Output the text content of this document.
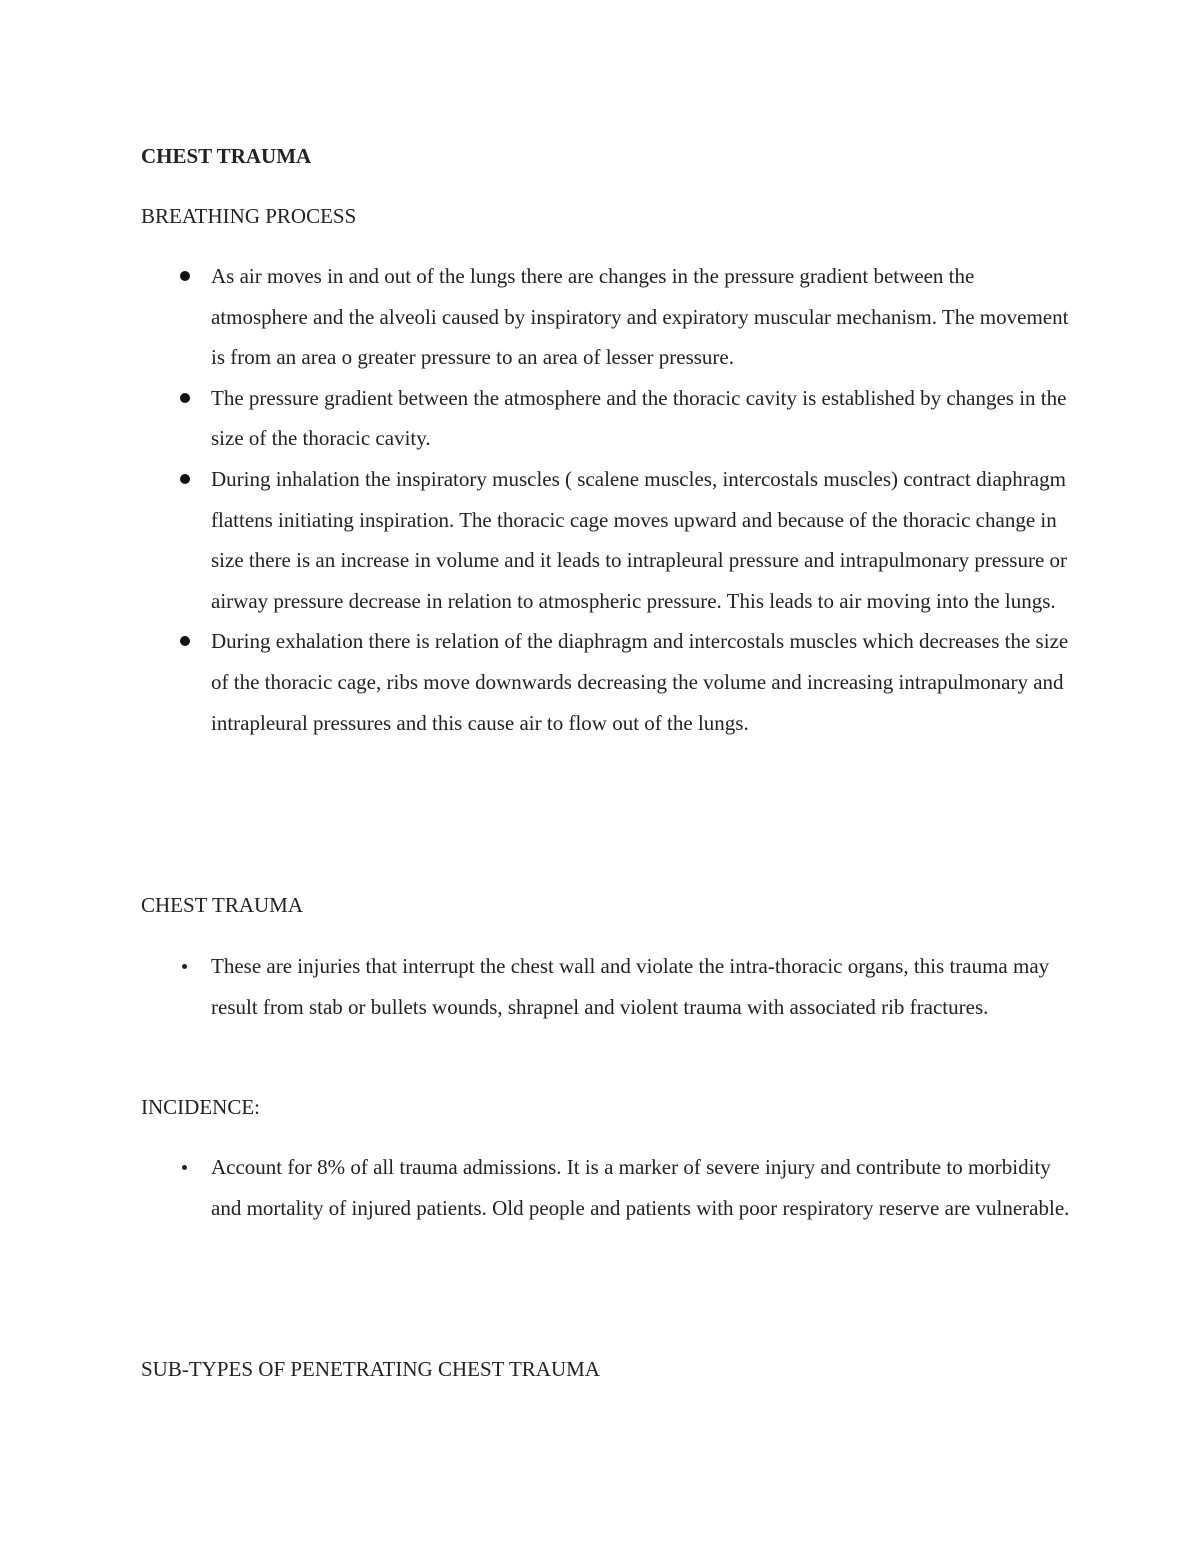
CHEST TRAUMA

BREATHING PROCESS

As air moves in and out of the lungs there are changes in the pressure gradient between the atmosphere and the alveoli caused by inspiratory and expiratory muscular mechanism. The movement is from an area o greater pressure to an area of lesser pressure.
The pressure gradient between the atmosphere and the thoracic cavity is established by changes in the size of the thoracic cavity.
During inhalation the inspiratory muscles ( scalene muscles, intercostals muscles) contract diaphragm flattens initiating inspiration. The thoracic cage moves upward and because of the thoracic change in size there is an increase in volume and it leads to intrapleural pressure and intrapulmonary pressure or airway pressure decrease in relation to atmospheric pressure. This leads to air moving into the lungs.
During exhalation there is relation of the diaphragm and intercostals muscles which decreases the size of the thoracic cage, ribs move downwards decreasing the volume and increasing intrapulmonary and intrapleural pressures and this cause air to flow out of the lungs.

CHEST TRAUMA

These are injuries that interrupt the chest wall and violate the intra-thoracic organs, this trauma may result from stab or bullets wounds, shrapnel and violent trauma with associated rib fractures.

INCIDENCE:

Account for 8% of all trauma admissions. It is a marker of severe injury and contribute to morbidity and mortality of injured patients. Old people and patients with poor respiratory reserve are vulnerable.

SUB-TYPES OF PENETRATING CHEST TRAUMA
